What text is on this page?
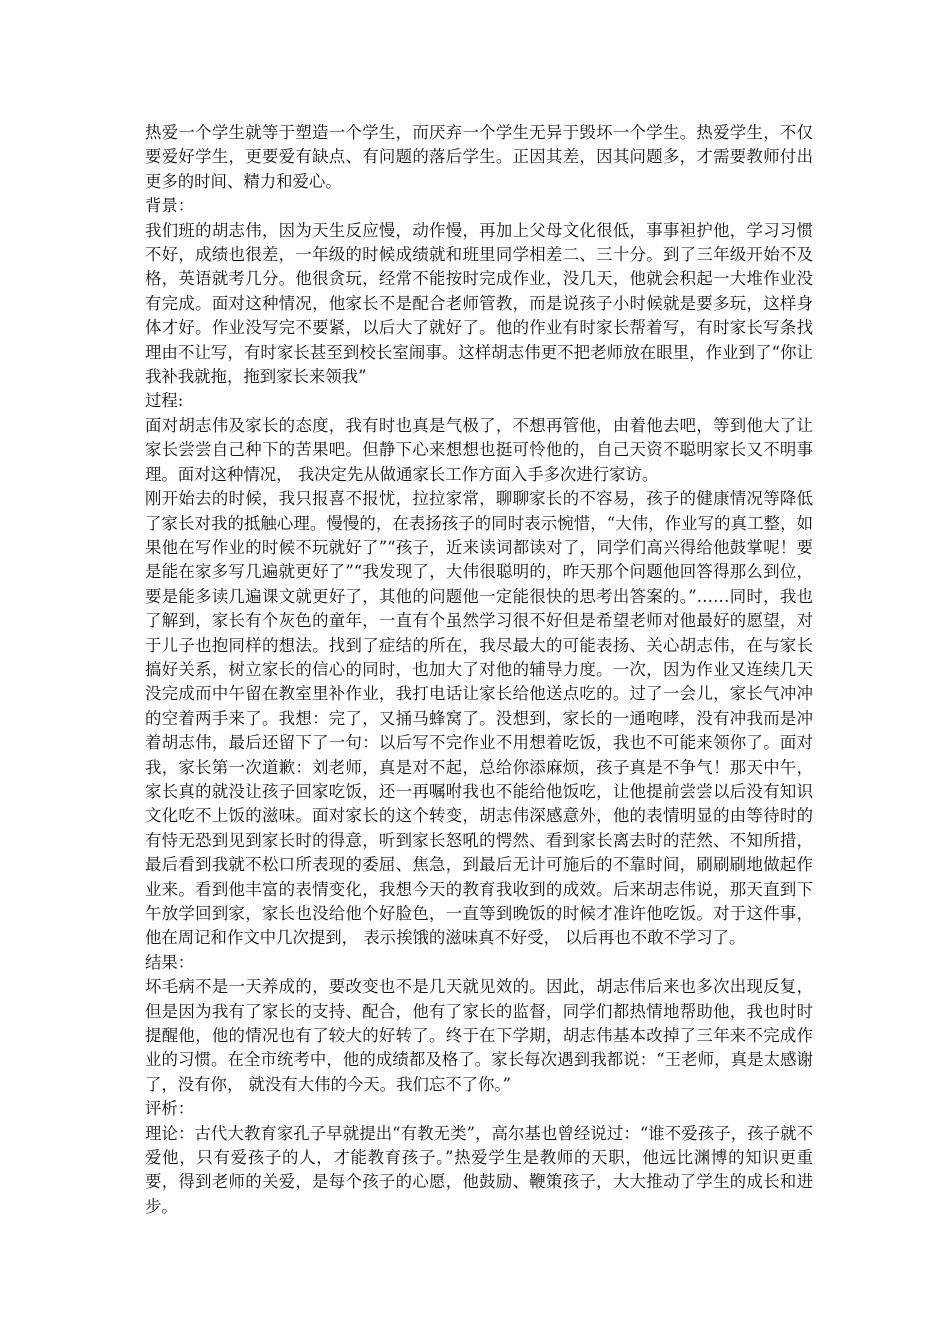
热爱一个学生就等于塑造一个学生，而厌弃一个学生无异于毁坏一个学生。热爱学生，不仅要爱好学生，更要爱有缺点、有问题的落后学生。正因其差，因其问题多，才需要教师付出更多的时间、精力和爱心。

背景：

我们班的胡志伟，因为天生反应慢，动作慢，再加上父母文化很低，事事袒护他，学习习惯不好，成绩也很差，一年级的时候成绩就和班里同学相差二、三十分。到了三年级开始不及格，英语就考几分。他很贪玩，经常不能按时完成作业，没几天，他就会积起一大堆作业没有完成。面对这种情况，他家长不是配合老师管教，而是说孩子小时候就是要多玩，这样身体才好。作业没写完不要紧，以后大了就好了。他的作业有时家长帮着写，有时家长写条找理由不让写，有时家长甚至到校长室闹事。这样胡志伟更不把老师放在眼里，作业到了“你让我补我就拖，拖到家长来领我”

过程:

面对胡志伟及家长的态度，我有时也真是气极了，不想再管他，由着他去吧，等到他大了让家长尝尝自己种下的苦果吧。但静下心来想想也挺可怜他的，自己天资不聪明家长又不明事理。面对这种情况， 我决定先从做通家长工作方面入手多次进行家访。

刚开始去的时候，我只报喜不报忧，拉拉家常，聊聊家长的不容易，孩子的健康情况等降低了家长对我的抵触心理。慢慢的，在表扬孩子的同时表示惋惜，“大伟，作业写的真工整，如果他在写作业的时候不玩就好了”“孩子，近来读词都读对了，同学们高兴得给他鼓掌呢！要是能在家多写几遍就更好了”“我发现了，大伟很聪明的，昨天那个问题他回答得那么到位，要是能多读几遍课文就更好了，其他的问题他一定能很快的思考出答案的。”……同时，我也了解到，家长有个灰色的童年，一直有个虽然学习很不好但是希望老师对他最好的愿望，对于儿子也抱同样的想法。找到了症结的所在，我尽最大的可能表扬、关心胡志伟，在与家长搞好关系，树立家长的信心的同时，也加大了对他的辅导力度。一次，因为作业又连续几天没完成而中午留在教室里补作业，我打电话让家长给他送点吃的。过了一会儿，家长气冲冲的空着两手来了。我想：完了，又捅马蜂窝了。没想到，家长的一通咆哮，没有冲我而是冲着胡志伟，最后还留下了一句：以后写不完作业不用想着吃饭，我也不可能来领你了。面对我，家长第一次道歉：刘老师，真是对不起，总给你添麻烦，孩子真是不争气！那天中午，家长真的就没让孩子回家吃饭，还一再嘱咐我也不能给他饭吃，让他提前尝尝以后没有知识文化吃不上饭的滋味。面对家长的这个转变，胡志伟深感意外，他的表情明显的由等待时的有恃无恐到见到家长时的得意，听到家长怒吼的愕然、看到家长离去时的茫然、不知所措，最后看到我就不松口所表现的委屈、焦急，到最后无计可施后的不靠时间，刷刷刷地做起作业来。看到他丰富的表情变化，我想今天的教育我收到的成效。后来胡志伟说，那天直到下午放学回到家，家长也没给他个好脸色，一直等到晚饭的时候才准许他吃饭。对于这件事，他在周记和作文中几次提到， 表示挨饿的滋味真不好受， 以后再也不敢不学习了。

结果：

坏毛病不是一天养成的，要改变也不是几天就见效的。因此，胡志伟后来也多次出现反复，但是因为我有了家长的支持、配合，他有了家长的监督，同学们都热情地帮助他，我也时时提醒他，他的情况也有了较大的好转了。终于在下学期，胡志伟基本改掉了三年来不完成作业的习惯。在全市统考中，他的成绩都及格了。家长每次遇到我都说：“王老师，真是太感谢了，没有你， 就没有大伟的今天。我们忘不了你。”

评析：

理论：古代大教育家孔子早就提出“有教无类”，高尔基也曾经说过：“谁不爱孩子，孩子就不爱他，只有爱孩子的人，才能教育孩子。”热爱学生是教师的天职，他远比渊博的知识更重要，得到老师的关爱，是每个孩子的心愿，他鼓励、鞭策孩子，大大推动了学生的成长和进步。
